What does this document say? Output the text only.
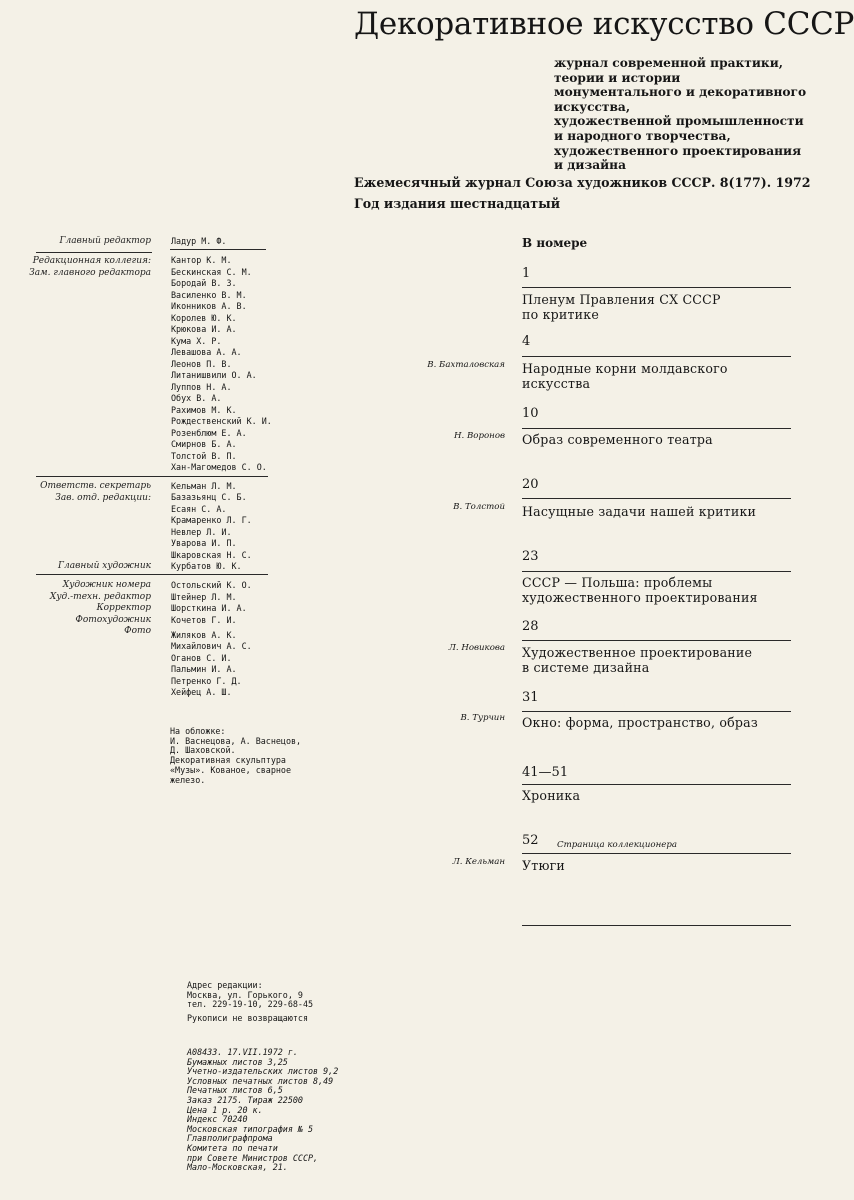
Декоративное искусство СССР
журнал современной практики,
теории и истории
монументального и декоративного
искусства,
художественной промышленности
и народного творчества,
художественного проектирования
и дизайна
Ежемесячный журнал Союза художников СССР. 8(177). 1972
Год издания шестнадцатый
Главный редактор Ладур М. Ф.
Редакционная коллегия:
Зам. главного редактора
Кантор К. М.
Бескинская С. М.
Бородай В. З.
Василенко В. М.
Иконников А. В.
Королев Ю. К.
Крюкова И. А.
Кума Х. Р.
Левашова А. А.
Леонов П. В.
Литанишвили О. А.
Луппов Н. А.
Обух В. А.
Рахимов М. К.
Рождественский К. И.
Розенблюм Е. А.
Смирнов Б. А.
Толстой В. П.
Хан-Магомедов С. О.
Ответств. секретарь
Зав. отд. редакции:
Кельман Л. М.
Базазьянц С. Б.
Есаян С. А.
Крамаренко Л. Г.
Невлер Л. И.
Уварова И. П.
Шкаровская Н. С.
Главный художник Курбатов Ю. К.
Художник номера
Худ.-техн. редактор
Корректор
Фотохудожник
Фото
Остольский К. О.
Штейнер Л. М.
Шорсткина И. А.
Кочетов Г. И.
Жиляков А. К.
Михайлович А. С.
Оганов С. И.
Пальмин И. А.
Петренко Г. Д.
Хейфец А. Ш.
На обложке:
И. Васнецова, А. Васнецов,
Д. Шаховской.
Декоративная скульптура
«Музы». Кованое, сварное
железо.
Адрес редакции:
Москва, ул. Горького, 9
тел. 229-19-10, 229-68-45
Рукописи не возвращаются
А08433. 17.VII.1972 г.
Бумажных листов 3,25
Учетно-издательских листов 9,2
Условных печатных листов 8,49
Печатных листов 6,5
Заказ 2175. Тираж 22500
Цена 1 р. 20 к.
Индекс 70240
Московская типография № 5
Главполиграфпрома
Комитета по печати
при Совете Министров СССР,
Мало-Московская, 21.
В номере
1
Пленум Правления СХ СССР
по критике
4
В. Бахталовская Народные корни молдавского
искусства
10
Н. Воронов Образ современного театра
20
В. Толстой Насущные задачи нашей критики
23
СССР — Польша: проблемы
художественного проектирования
28
Л. Новикова Художественное проектирование
в системе дизайна
31
В. Турчин Окно: форма, пространство, образ
41—51
Хроника
52 Страница коллекционера
Л. Кельман Утюги
